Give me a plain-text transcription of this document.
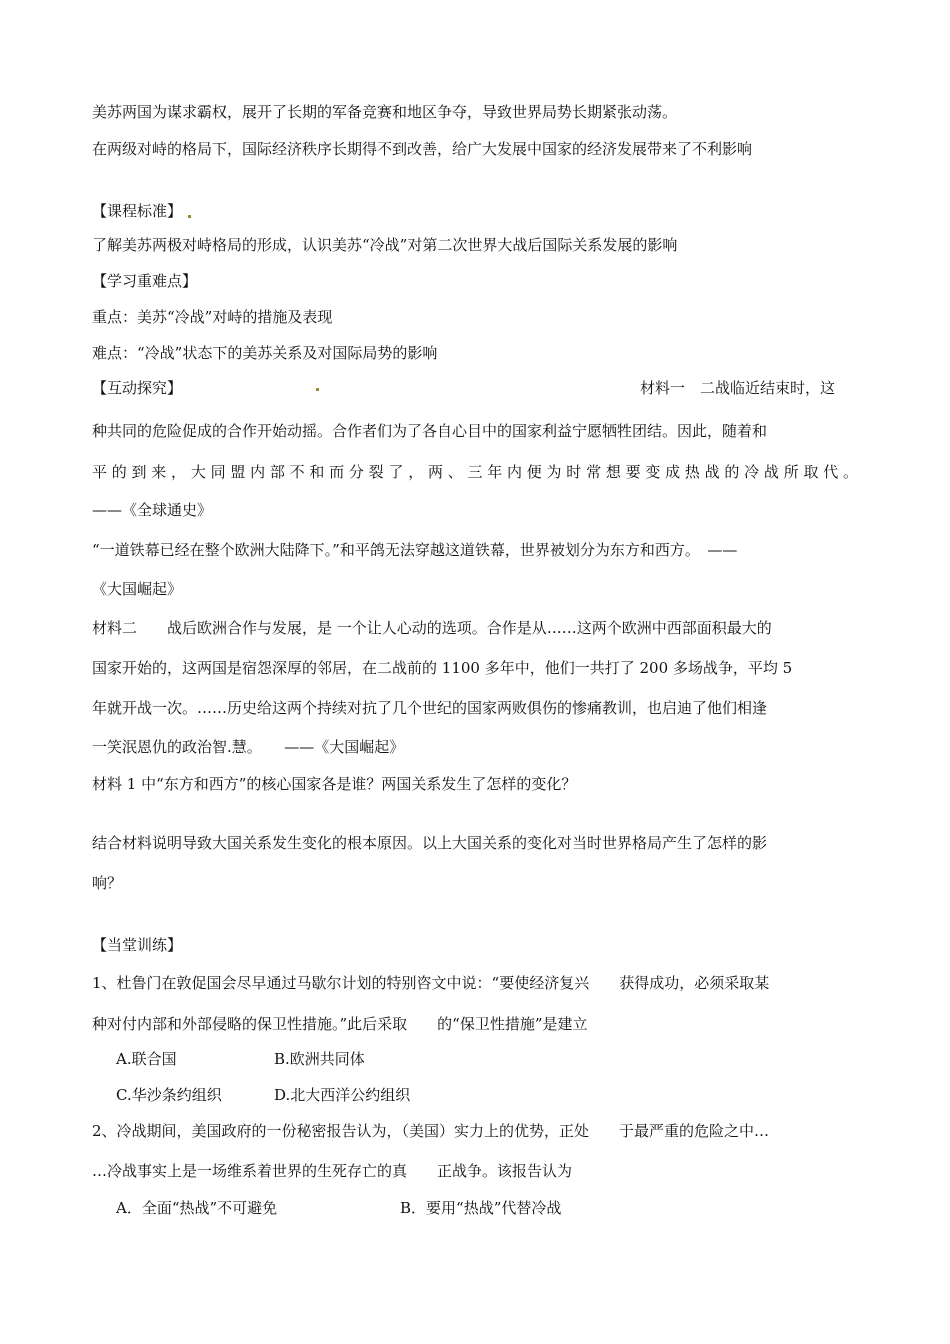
美苏两国为谋求霸权，展开了长期的军备竞赛和地区争夺，导致世界局势长期紧张动荡。
在两级对峙的格局下，国际经济秩序长期得不到改善，给广大发展中国家的经济发展带来了不利影响
【课程标准】
了解美苏两极对峙格局的形成，认识美苏“冷战”对第二次世界大战后国际关系发展的影响
【学习重难点】
重点：美苏“冷战”对峙的措施及表现
难点：“冷战”状态下的美苏关系及对国际局势的影响
【互动探究】	材料一　二战临近结束时，这
种共同的危险促成的合作开始动摇。合作者们为了各自心目中的国家利益宁愿牺牲团结。因此，随着和
平的到来，大同盟内部不和而分裂了，两、三年内便为时常想要变成热战的冷战所取代。
——《全球通史》
“一道铁幕已经在整个欧洲大陆降下。”和平鸽无法穿越这道铁幕，世界被划分为东方和西方。　——
《大国崛起》
材料二　　战后欧洲合作与发展，是 一个让人心动的选项。合作是从……这两个欧洲中西部面积最大的
国家开始的，这两国是宿怨深厚的邻居，在二战前的 1100 多年中，他们一共打了 200 多场战争，平均 5
年就开战一次。……历史给这两个持续对抗了几个世纪的国家两败俱伤的惨痛教训，也启迪了他们相逢
一笑泯恩仇的政治智.慧。　　——《大国崛起》
材料 1 中“东方和西方”的核心国家各是谁？两国关系发生了怎样的变化？
结合材料说明导致大国关系发生变化的根本原因。以上大国关系的变化对当时世界格局产生了怎样的影
响？
【当堂训练】
1、杜鲁门在敦促国会尽早通过马歇尔计划的特别咨文中说：“要使经济复兴　　获得成功，必须采取某
种对付内部和外部侵略的保卫性措施。”此后采取　　的“保卫性措施”是建立
A.联合国	B.欧洲共同体
C.华沙条约组织	D.北大西洋公约组织
2、冷战期间，美国政府的一份秘密报告认为，（美国）实力上的优势，正处　　于最严重的危险之中…
…冷战事实上是一场维系着世界的生死存亡的真　　正战争。该报告认为
A．全面“热战”不可避免	B．要用“热战”代替冷战
